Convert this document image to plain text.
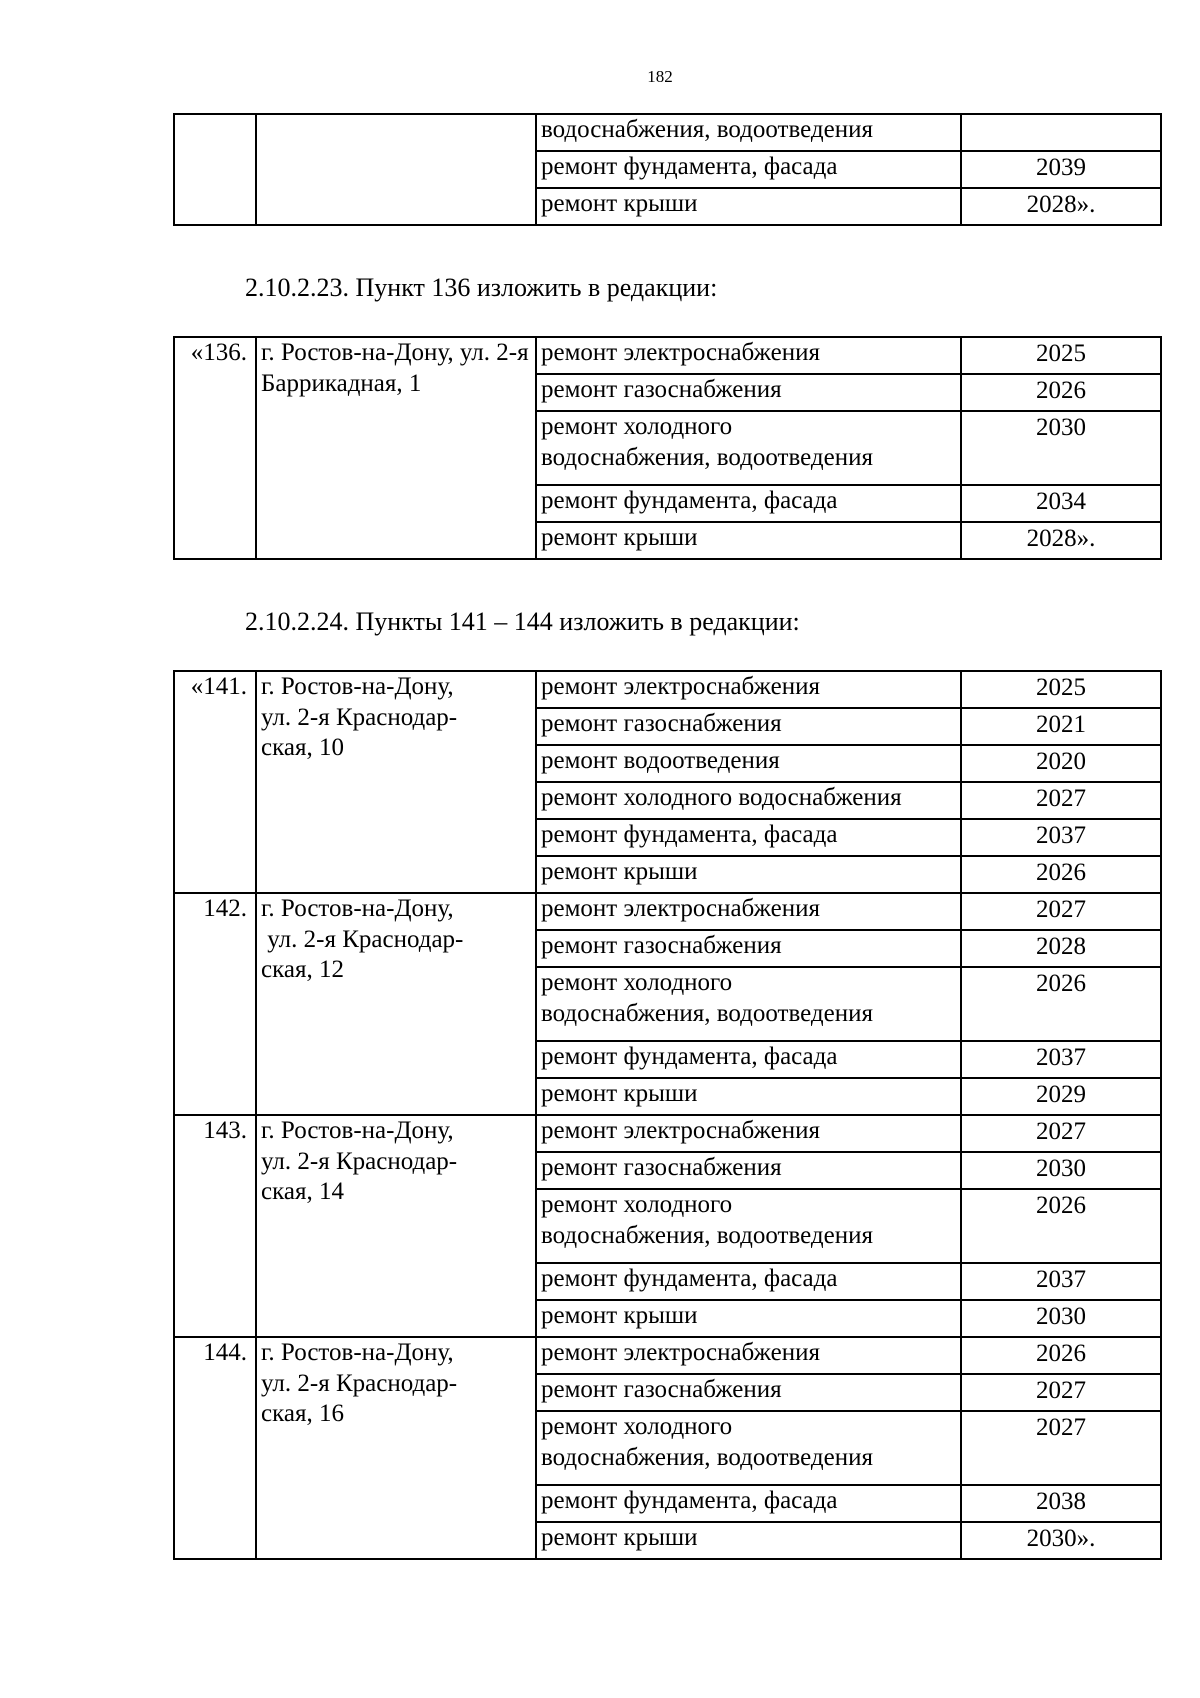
182
		водоснабжения, водоотведения	
		ремонт фундамента, фасада	2039
		ремонт крыши	2028».
2.10.2.23. Пункт 136 изложить в редакции:
«136.	г. Ростов-на-Дону, ул. 2-я Баррикадная, 1	ремонт электроснабжения	2025
		ремонт газоснабжения	2026
		ремонт холодного
водоснабжения, водоотведения	2030
		ремонт фундамента, фасада	2034
		ремонт крыши	2028».
2.10.2.24. Пункты 141 – 144 изложить в редакции:
«141.	г. Ростов-на-Дону,
ул. 2-я Краснодар-
ская, 10	ремонт электроснабжения	2025
		ремонт газоснабжения	2021
		ремонт водоотведения	2020
		ремонт холодного водоснабжения	2027
		ремонт фундамента, фасада	2037
		ремонт крыши	2026
142.	г. Ростов-на-Дону,
ул. 2-я Краснодар-
ская, 12	ремонт электроснабжения	2027
		ремонт газоснабжения	2028
		ремонт холодного
водоснабжения, водоотведения	2026
		ремонт фундамента, фасада	2037
		ремонт крыши	2029
143.	г. Ростов-на-Дону,
ул. 2-я Краснодар-
ская, 14	ремонт электроснабжения	2027
		ремонт газоснабжения	2030
		ремонт холодного
водоснабжения, водоотведения	2026
		ремонт фундамента, фасада	2037
		ремонт крыши	2030
144.	г. Ростов-на-Дону,
ул. 2-я Краснодар-
ская, 16	ремонт электроснабжения	2026
		ремонт газоснабжения	2027
		ремонт холодного
водоснабжения, водоотведения	2027
		ремонт фундамента, фасада	2038
		ремонт крыши	2030».
